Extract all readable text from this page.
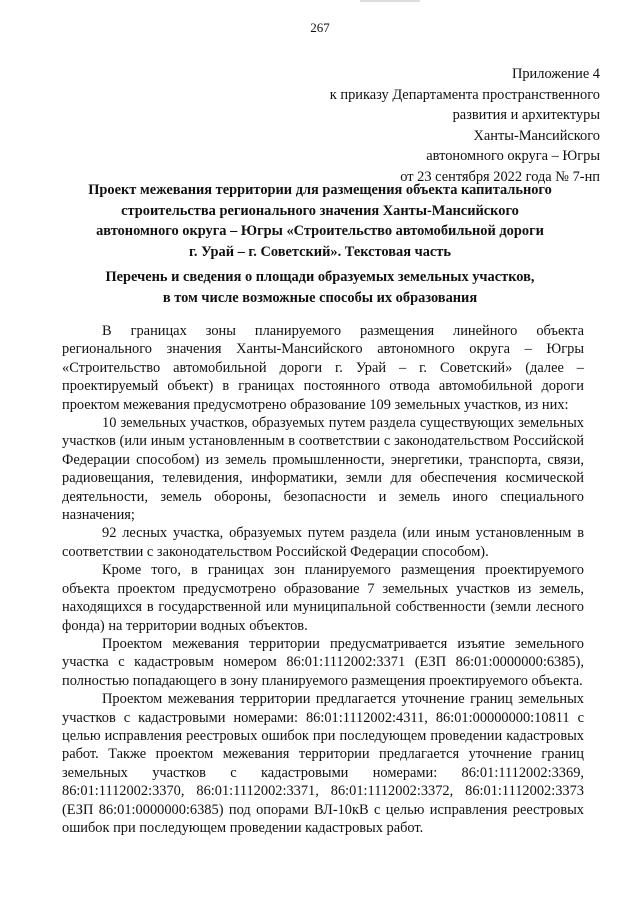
267
Приложение 4
к приказу Департамента пространственного
развития и архитектуры
Ханты-Мансийского
автономного округа – Югры
от 23 сентября 2022 года № 7-нп
Проект межевания территории для размещения объекта капитального
строительства регионального значения Ханты-Мансийского
автономного округа – Югры «Строительство автомобильной дороги
г. Урай – г. Советский». Текстовая часть
Перечень и сведения о площади образуемых земельных участков,
в том числе возможные способы их образования

В границах зоны планируемого размещения линейного объекта регионального значения Ханты-Мансийского автономного округа – Югры «Строительство автомобильной дороги г. Урай – г. Советский» (далее – проектируемый объект) в границах постоянного отвода автомобильной дороги проектом межевания предусмотрено образование 109 земельных участков, из них:

10 земельных участков, образуемых путем раздела существующих земельных участков (или иным установленным в соответствии с законодательством Российской Федерации способом) из земель промышленности, энергетики, транспорта, связи, радиовещания, телевидения, информатики, земли для обеспечения космической деятельности, земель обороны, безопасности и земель иного специального назначения;

92 лесных участка, образуемых путем раздела (или иным установленным в соответствии с законодательством Российской Федерации способом).

Кроме того, в границах зон планируемого размещения проектируемого объекта проектом предусмотрено образование 7 земельных участков из земель, находящихся в государственной или муниципальной собственности (земли лесного фонда) на территории водных объектов.

Проектом межевания территории предусматривается изъятие земельного участка с кадастровым номером 86:01:1112002:3371 (ЕЗП 86:01:0000000:6385), полностью попадающего в зону планируемого размещения проектируемого объекта.

Проектом межевания территории предлагается уточнение границ земельных участков с кадастровыми номерами: 86:01:1112002:4311, 86:01:00000000:10811 с целью исправления реестровых ошибок при последующем проведении кадастровых работ. Также проектом межевания территории предлагается уточнение границ земельных участков с кадастровыми номерами: 86:01:1112002:3369, 86:01:1112002:3370, 86:01:1112002:3371, 86:01:1112002:3372, 86:01:1112002:3373 (ЕЗП 86:01:0000000:6385) под опорами ВЛ-10кВ с целью исправления реестровых ошибок при последующем проведении кадастровых работ.
